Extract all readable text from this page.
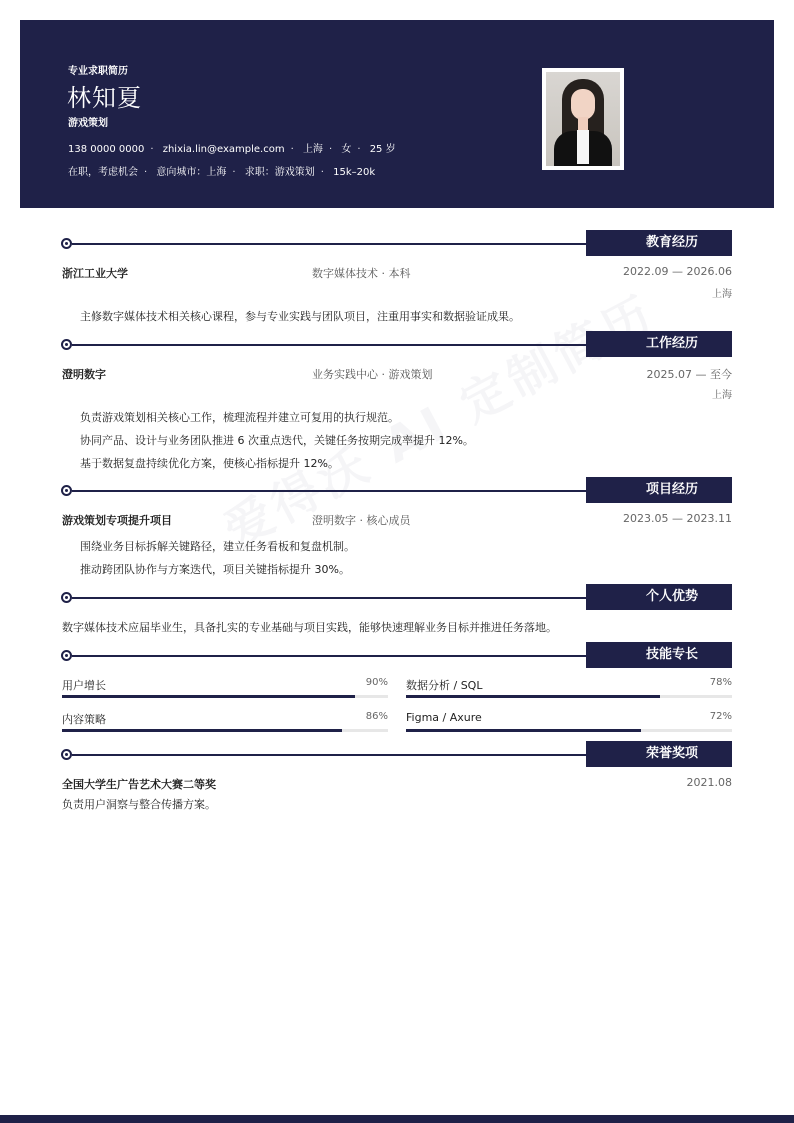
专业求职简历
林知夏
游戏策划
138 0000 0000 · zhixia.lin@example.com · 上海 · 女 · 25 岁
在职，考虑机会 · 意向城市：上海 · 求职：游戏策划 · 15k–20k
教育经历
浙江工业大学	数字媒体技术 · 本科	2022.09 — 2026.06
上海
主修数字媒体技术相关核心课程，参与专业实践与团队项目，注重用事实和数据验证成果。
工作经历
澄明数字	业务实践中心 · 游戏策划	2025.07 — 至今
上海
负责游戏策划相关核心工作，梳理流程并建立可复用的执行规范。
协同产品、设计与业务团队推进 6 次重点迭代，关键任务按期完成率提升 12%。
基于数据复盘持续优化方案，使核心指标提升 12%。
项目经历
游戏策划专项提升项目	澄明数字 · 核心成员	2023.05 — 2023.11
围绕业务目标拆解关键路径，建立任务看板和复盘机制。
推动跨团队协作与方案迭代，项目关键指标提升 30%。
个人优势
数字媒体技术应届毕业生，具备扎实的专业基础与项目实践，能够快速理解业务目标并推进任务落地。
技能专长
用户增长	90% 数据分析 / SQL	78%
内容策略	86% Figma / Axure	72%
荣誉奖项
全国大学生广告艺术大赛二等奖	2021.08
负责用户洞察与整合传播方案。
